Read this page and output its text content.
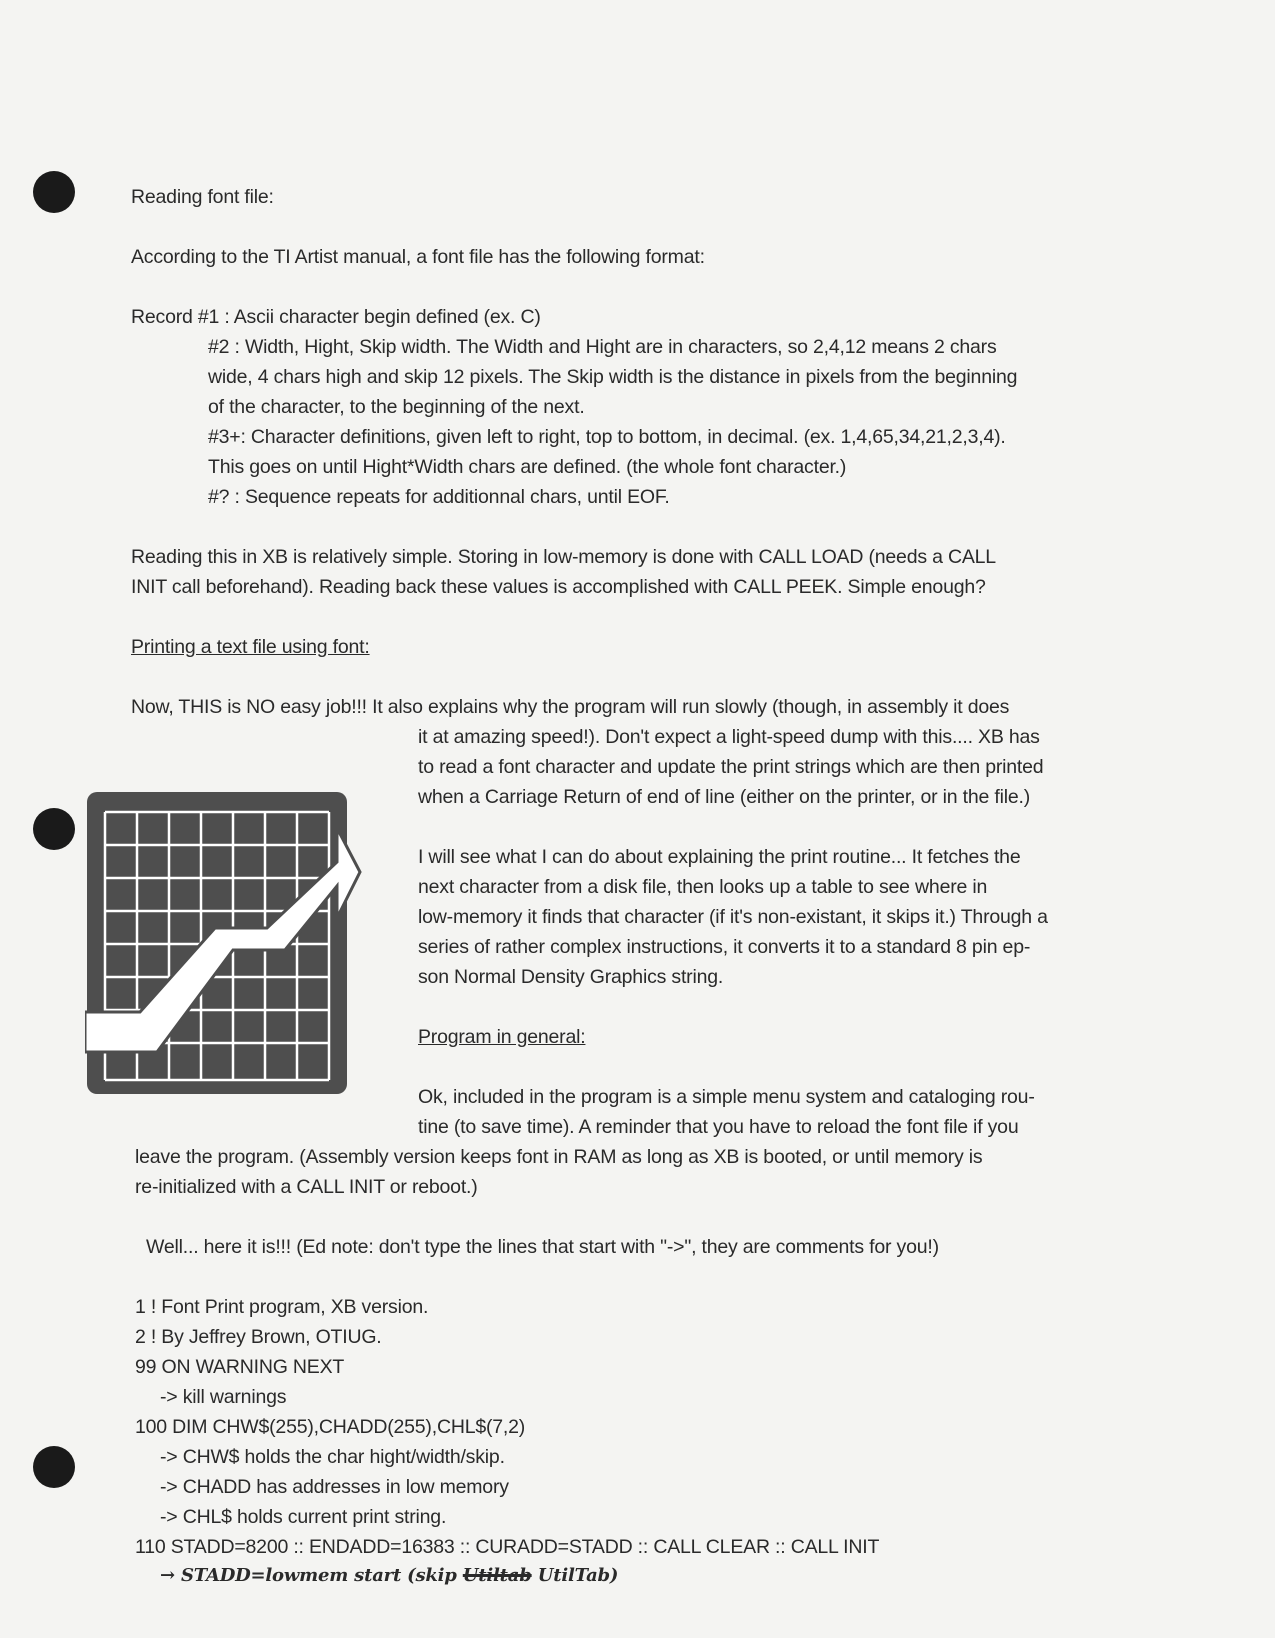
Reading font file:
According to the TI Artist manual, a font file has the following format:
Record #1 : Ascii character begin defined (ex. C)
#2 : Width, Hight, Skip width. The Width and Hight are in characters, so 2,4,12 means 2 chars
wide, 4 chars high and skip 12 pixels. The Skip width is the distance in pixels from the beginning
of the character, to the beginning of the next.
#3+: Character definitions, given left to right, top to bottom, in decimal. (ex. 1,4,65,34,21,2,3,4).
This goes on until Hight*Width chars are defined. (the whole font character.)
#? : Sequence repeats for additionnal chars, until EOF.
Reading this in XB is relatively simple. Storing in low-memory is done with CALL LOAD (needs a CALL
INIT call beforehand). Reading back these values is accomplished with CALL PEEK. Simple enough?
Printing a text file using font:
Now, THIS is NO easy job!!! It also explains why the program will run slowly (though, in assembly it does
it at amazing speed!). Don't expect a light-speed dump with this.... XB has
to read a font character and update the print strings which are then printed
when a Carriage Return of end of line (either on the printer, or in the file.)
I will see what I can do about explaining the print routine... It fetches the
next character from a disk file, then looks up a table to see where in
low-memory it finds that character (if it's non-existant, it skips it.) Through a
series of rather complex instructions, it converts it to a standard 8 pin ep-
son Normal Density Graphics string.
Program in general:
Ok, included in the program is a simple menu system and cataloging rou-
tine (to save time). A reminder that you have to reload the font file if you
leave the program. (Assembly version keeps font in RAM as long as XB is booted, or until memory is
re-initialized with a CALL INIT or reboot.)
Well... here it is!!! (Ed note: don't type the lines that start with "->", they are comments for you!)
1 ! Font Print program, XB version.
2 ! By Jeffrey Brown, OTIUG.
99 ON WARNING NEXT
-> kill warnings
100 DIM CHW$(255),CHADD(255),CHL$(7,2)
-> CHW$ holds the char hight/width/skip.
-> CHADD has addresses in low memory
-> CHL$ holds current print string.
110 STADD=8200 :: ENDADD=16383 :: CURADD=STADD :: CALL CLEAR :: CALL INIT
→ STADD=lowmem start (skip Utiltab UtilTab)
